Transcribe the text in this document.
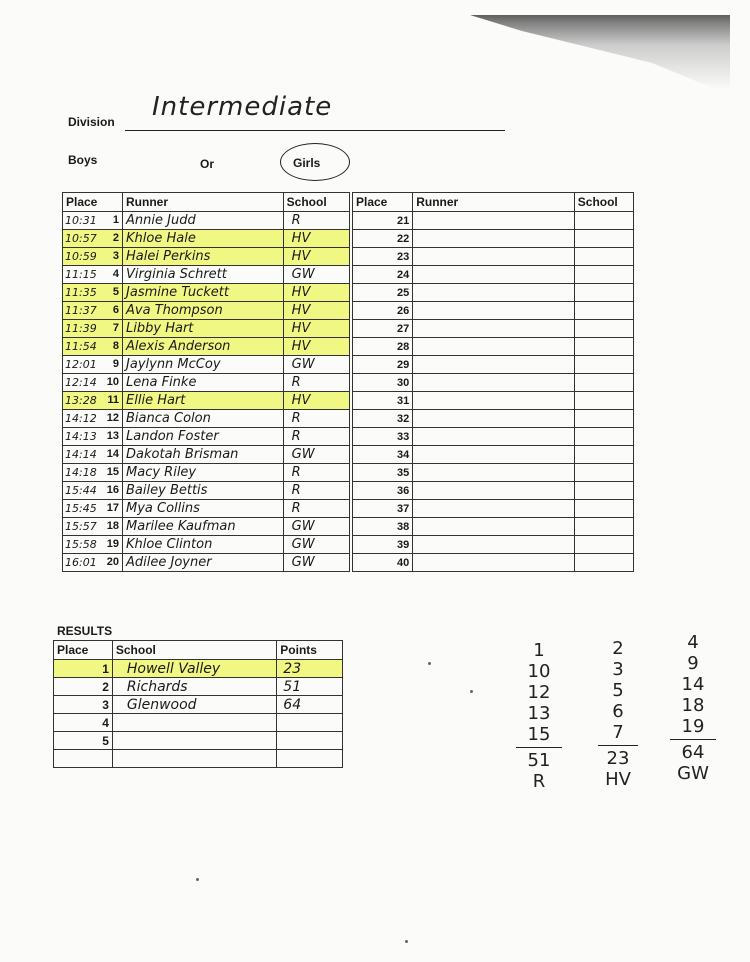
Division Intermediate
Boys	Or	Girls
Place	Runner	School
10:31 1	Annie Judd	R
10:57 2	Khloe Hale	HV
10:59 3	Halei Perkins	HV
11:15 4	Virginia Schrett	GW
11:35 5	Jasmine Tuckett	HV
11:37 6	Ava Thompson	HV
11:39 7	Libby Hart	HV
11:54 8	Alexis Anderson	HV
12:01 9	Jaylynn McCoy	GW
12:14 10	Lena Finke	R
13:28 11	Ellie Hart	HV
14:12 12	Bianca Colon	R
14:13 13	Landon Foster	R
14:14 14	Dakotah Brisman	GW
14:18 15	Macy Riley	R
15:44 16	Bailey Bettis	R
15:45 17	Mya Collins	R
15:57 18	Marilee Kaufman	GW
15:58 19	Khloe Clinton	GW
16:01 20	Adilee Joyner	GW
Place	Runner	School
21		
22		
23		
24		
25		
26		
27		
28		
29		
30		
31		
32		
33		
34		
35		
36		
37		
38		
39		
40		
RESULTS
Place	School	Points
1	Howell Valley	23
2	Richards	51
3	Glenwood	64
4		
5		

1
10
12
13
15
51
R
2
3
5
6
7
23
HV
4
9
14
18
19
64
GW
